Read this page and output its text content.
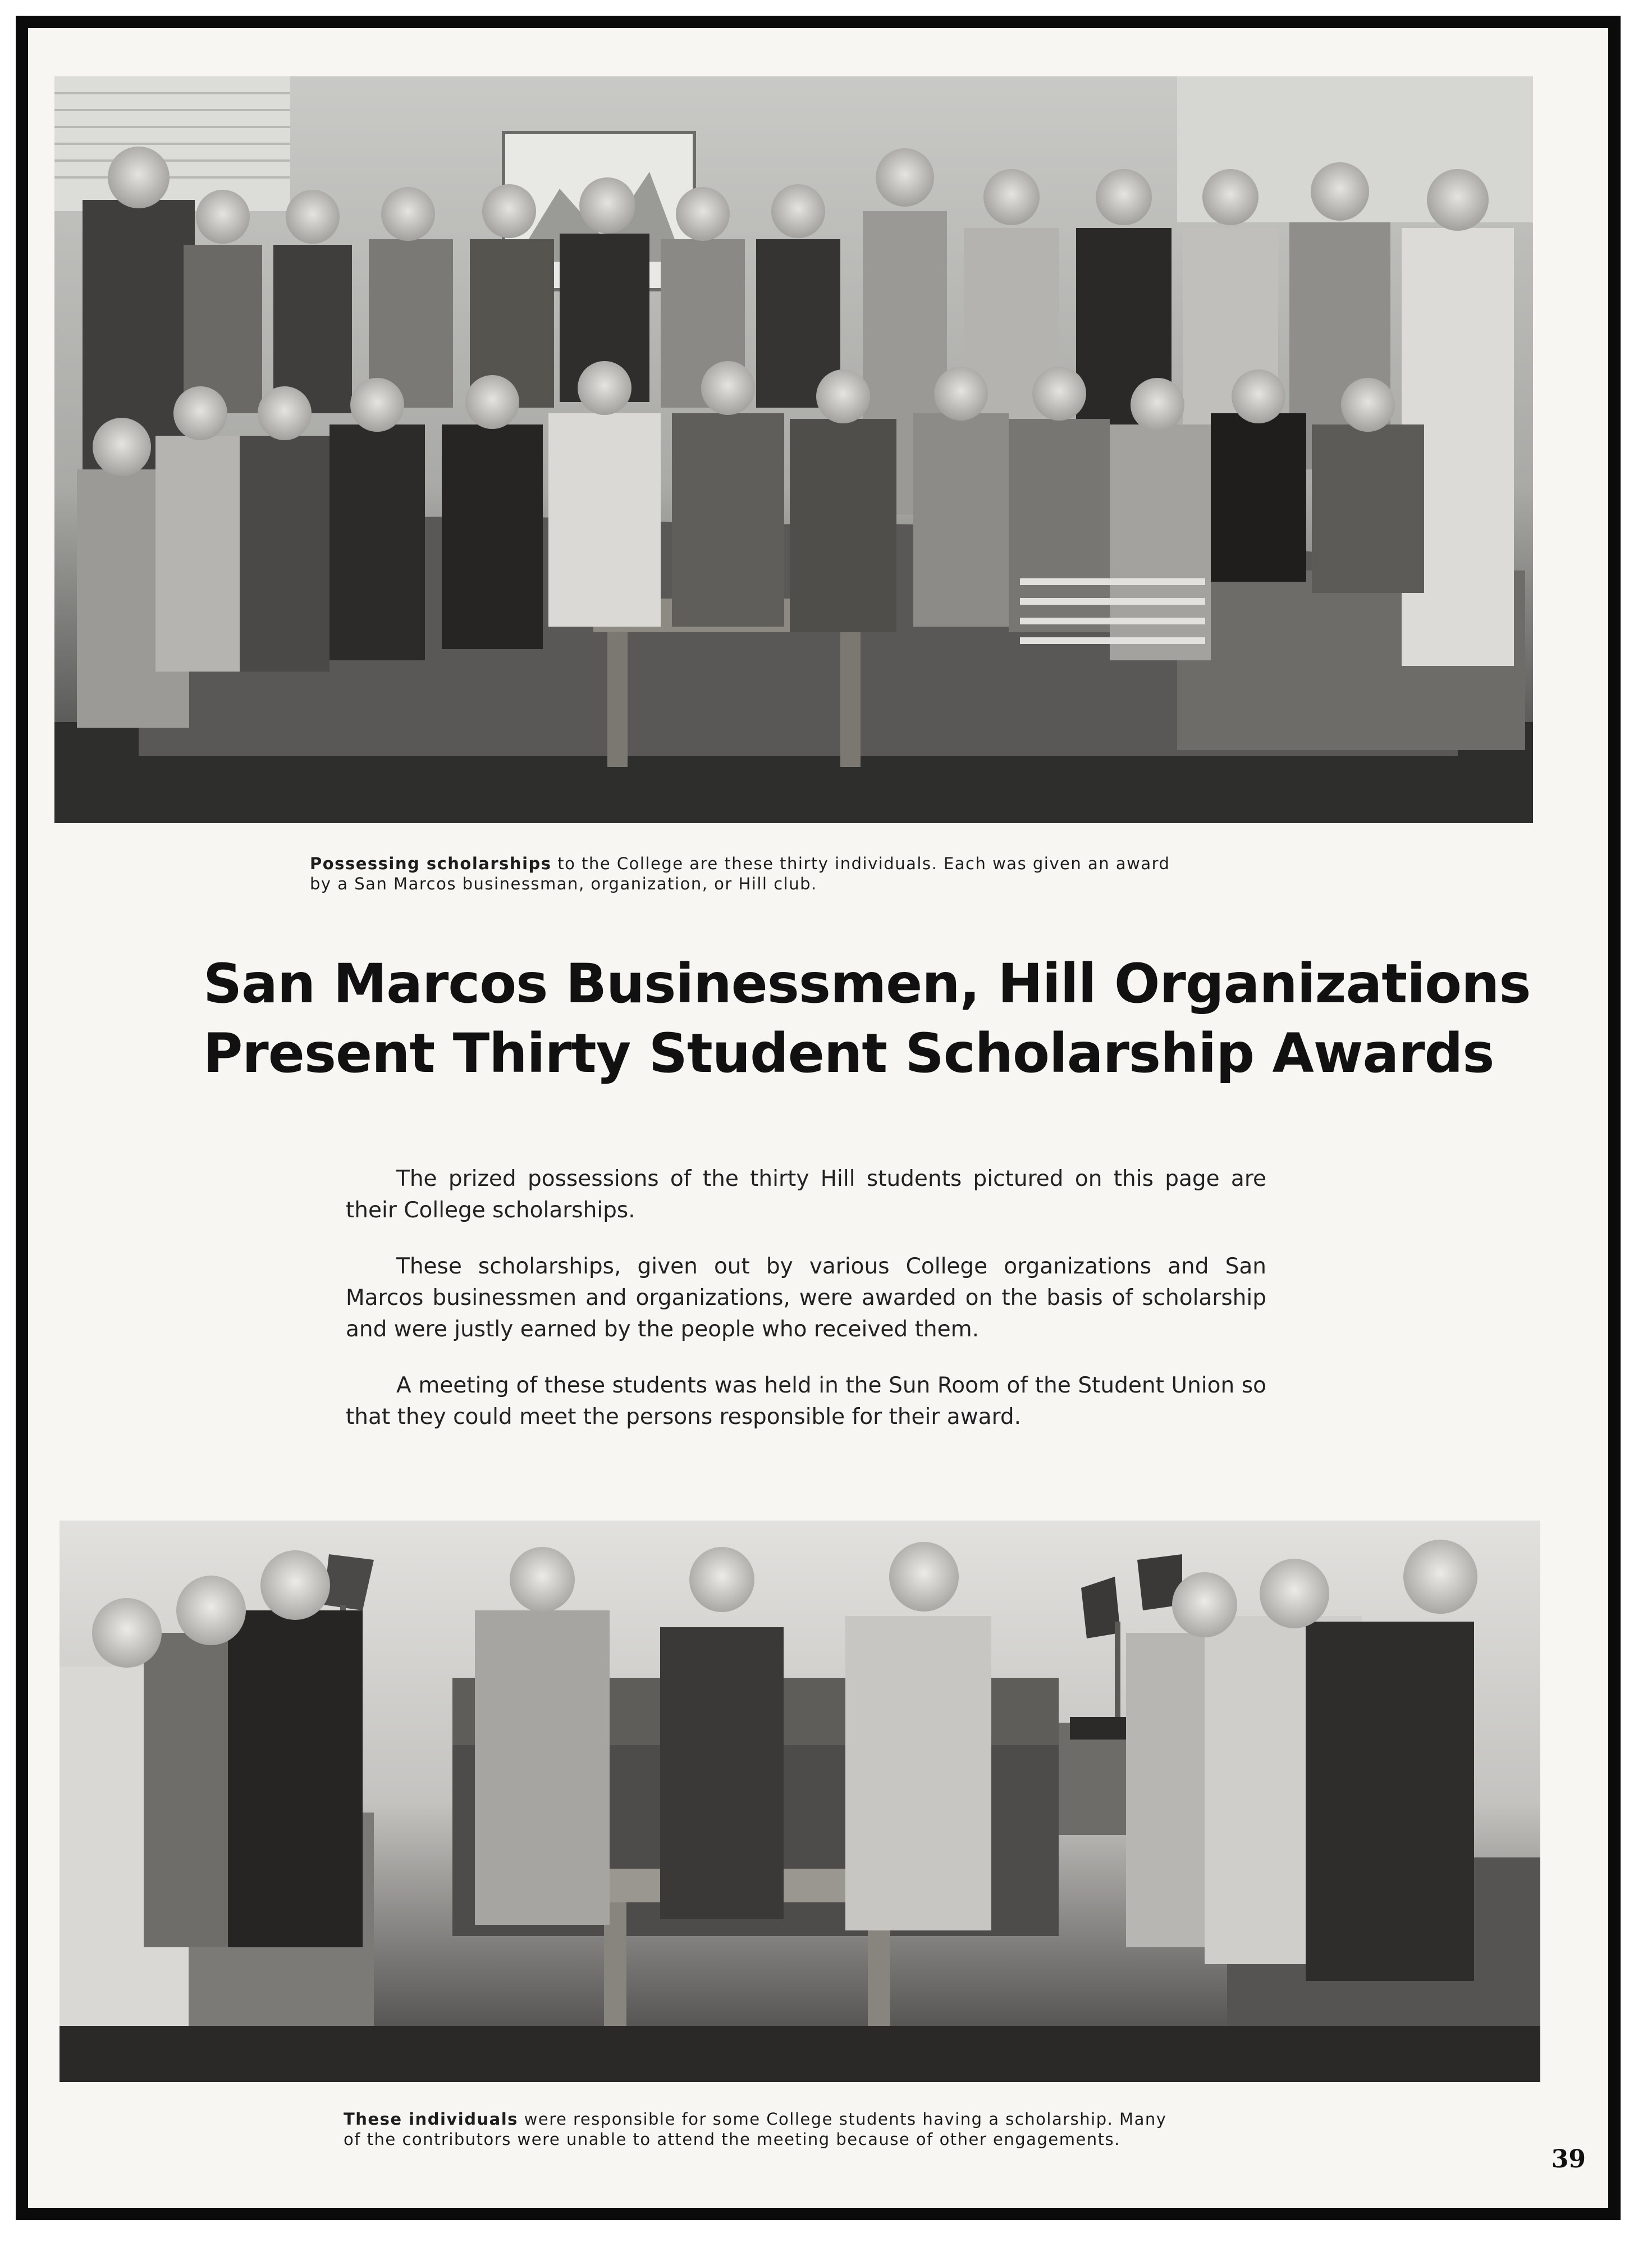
Possessing scholarships to the College are these thirty individuals. Each was given an award
by a San Marcos businessman, organization, or Hill club.
San Marcos Businessmen, Hill Organizations
Present Thirty Student Scholarship Awards

The prized possessions of the thirty Hill students pictured on this page are their College scholarships.

These scholarships, given out by various College organizations and San Marcos businessmen and organizations, were awarded on the basis of scholarship and were justly earned by the people who received them.

A meeting of these students was held in the Sun Room of the Student Union so that they could meet the persons responsible for their award.

These individuals were responsible for some College students having a scholarship. Many
of the contributors were unable to attend the meeting because of other engagements.
39
